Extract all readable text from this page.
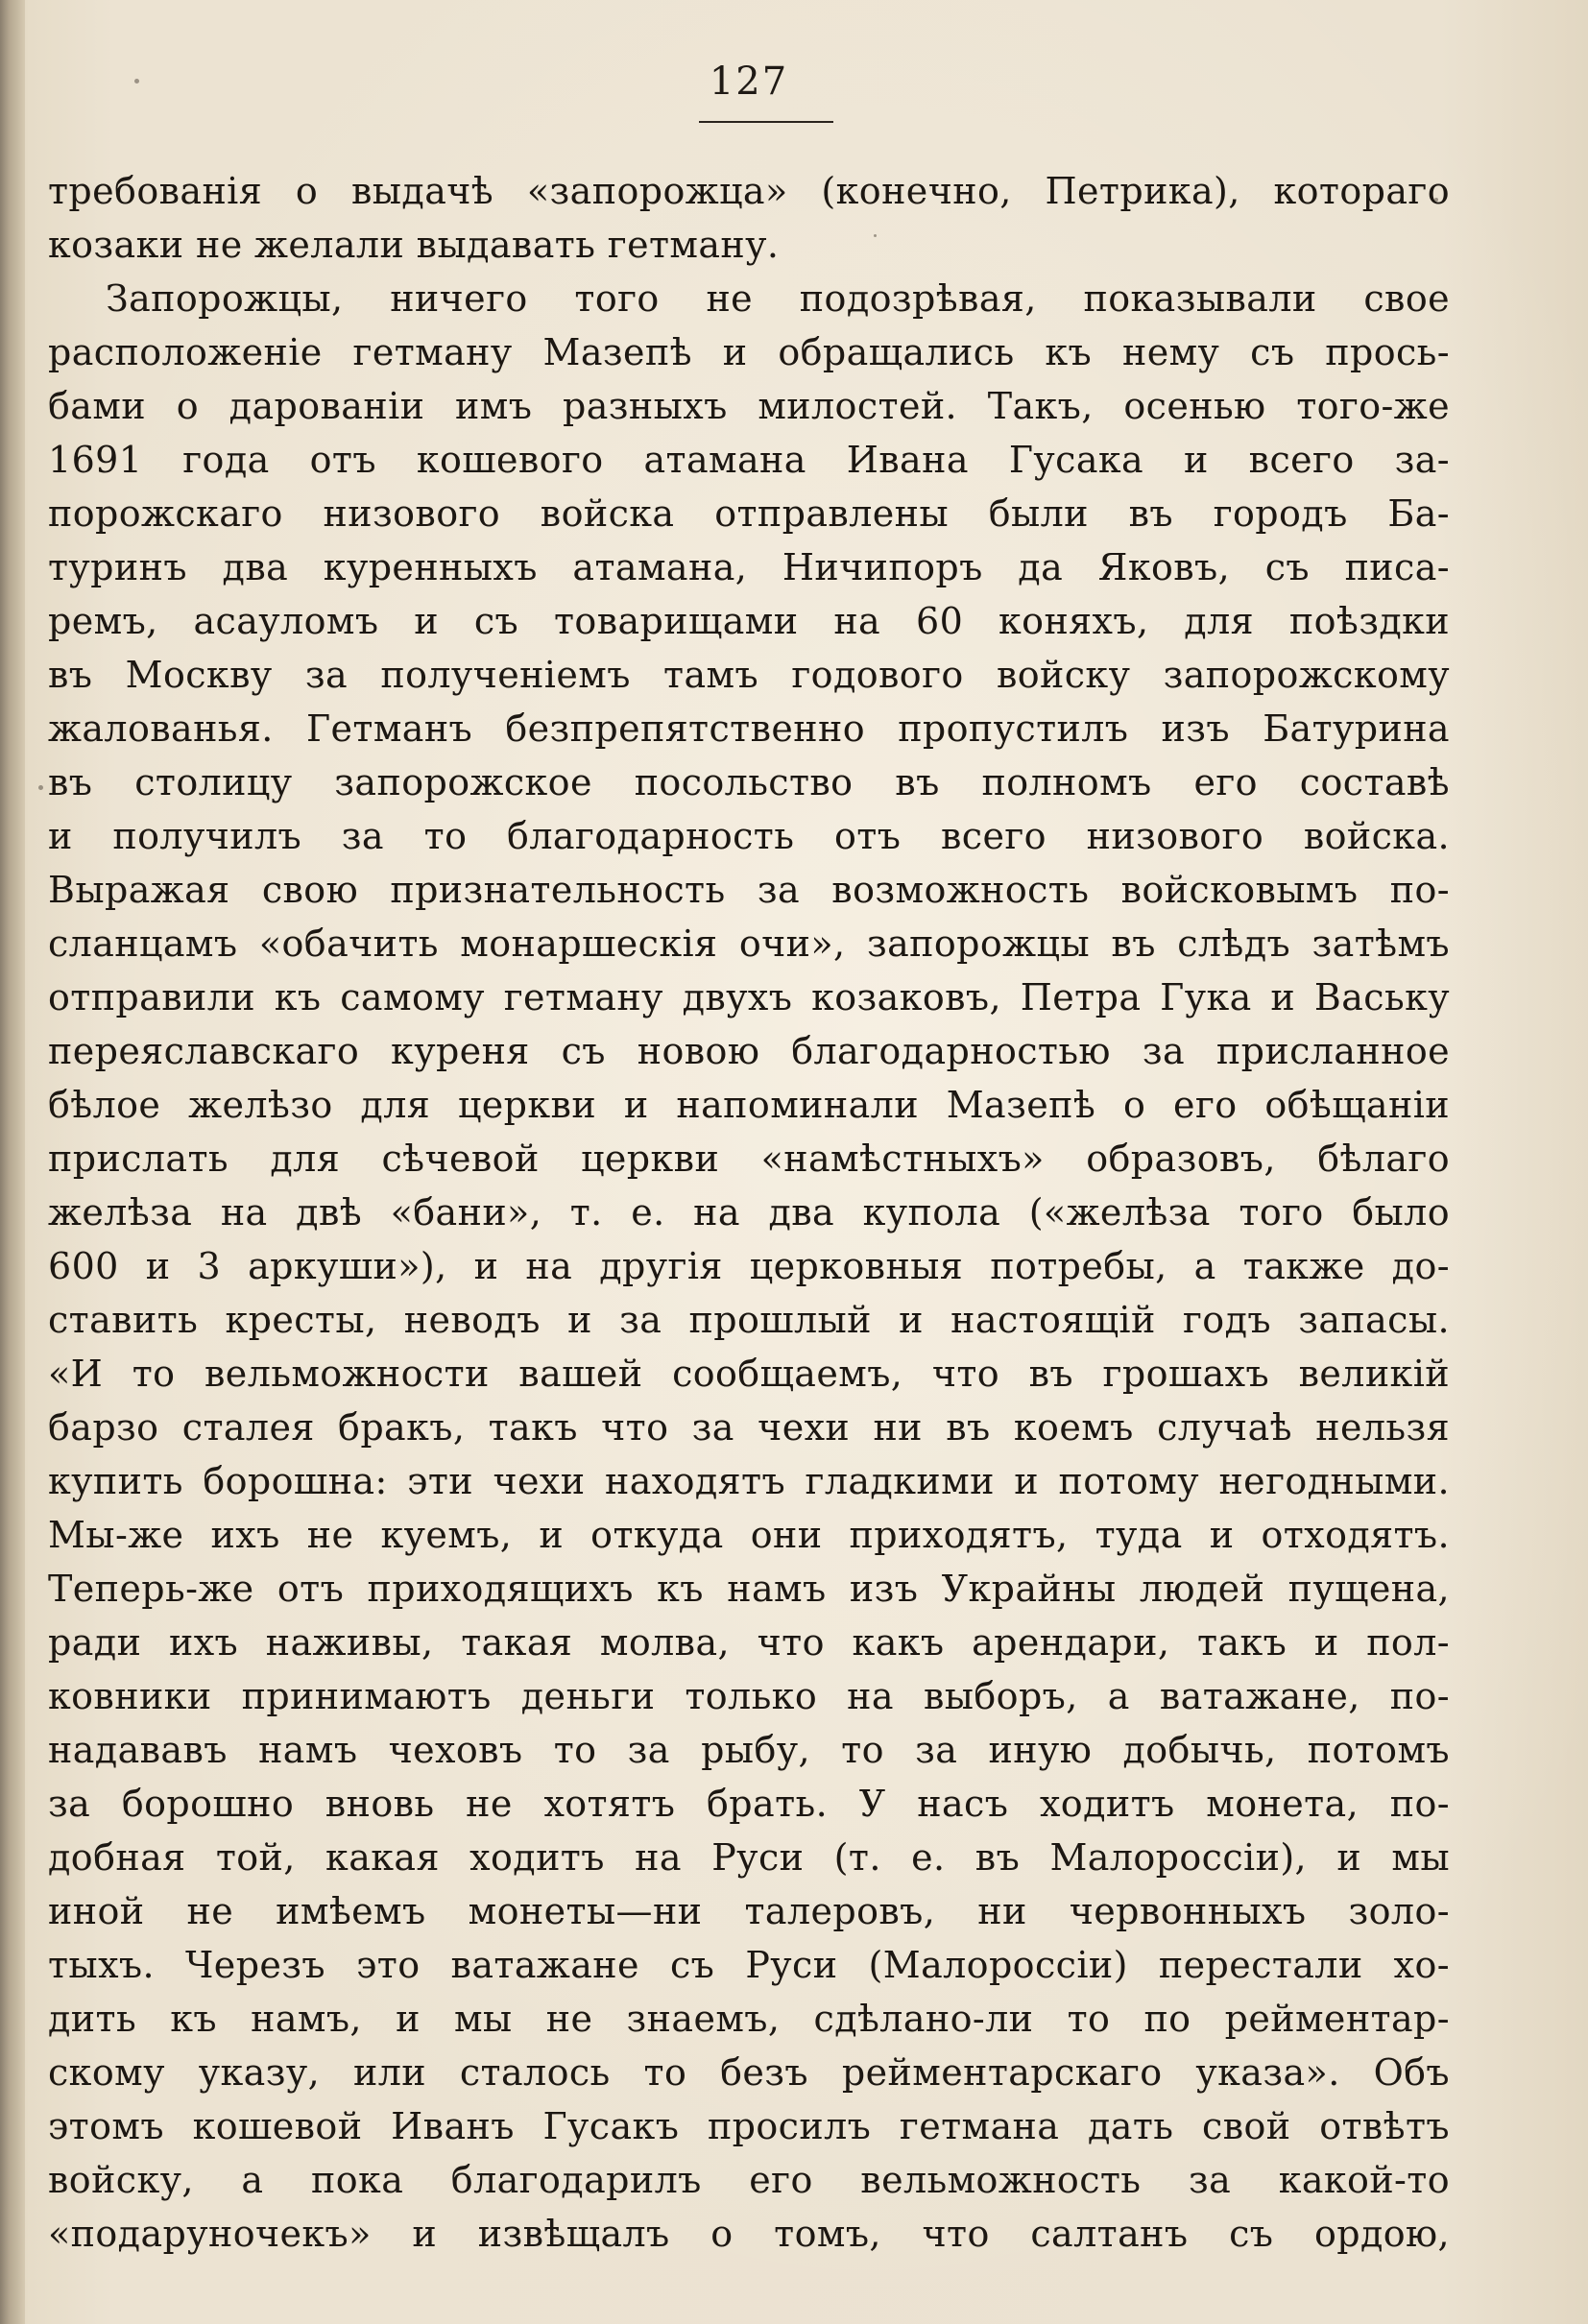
127
требованія о выдачѣ «запорожца» (конечно, Петрика), котораго
козаки не желали выдавать гетману.
Запорожцы, ничего того не подозрѣвая, показывали свое
расположеніе гетману Мазепѣ и обращались къ нему съ прось-
бами о дарованіи имъ разныхъ милостей. Такъ, осенью того-же
1691 года отъ кошевого атамана Ивана Гусака и всего за-
порожскаго низового войска отправлены были въ городъ Ба-
туринъ два куренныхъ атамана, Ничипоръ да Яковъ, съ писа-
ремъ, асауломъ и съ товарищами на 60 коняхъ, для поѣздки
въ Москву за полученіемъ тамъ годового войску запорожскому
жалованья. Гетманъ безпрепятственно пропустилъ изъ Батурина
въ столицу запорожское посольство въ полномъ его составѣ
и получилъ за то благодарность отъ всего низового войска.
Выражая свою признательность за возможность войсковымъ по-
сланцамъ «обачить монаршескія очи», запорожцы въ слѣдъ затѣмъ
отправили къ самому гетману двухъ козаковъ, Петра Гука и Ваську
переяславскаго куреня съ новою благодарностью за присланное
бѣлое желѣзо для церкви и напоминали Мазепѣ о его обѣщаніи
прислать для сѣчевой церкви «намѣстныхъ» образовъ, бѣлаго
желѣза на двѣ «бани», т. е. на два купола («желѣза того было
600 и 3 аркуши»), и на другія церковныя потребы, а также до-
ставить кресты, неводъ и за прошлый и настоящій годъ запасы.
«И то вельможности вашей сообщаемъ, что въ грошахъ великій
барзо сталея бракъ, такъ что за чехи ни въ коемъ случаѣ нельзя
купить борошна: эти чехи находятъ гладкими и потому негодными.
Мы-же ихъ не куемъ, и откуда они приходятъ, туда и отходятъ.
Теперь-же отъ приходящихъ къ намъ изъ Украйны людей пущена,
ради ихъ наживы, такая молва, что какъ арендари, такъ и пол-
ковники принимаютъ деньги только на выборъ, а ватажане, по-
надававъ намъ чеховъ то за рыбу, то за иную добычь, потомъ
за борошно вновь не хотятъ брать. У насъ ходитъ монета, по-
добная той, какая ходитъ на Руси (т. е. въ Малороссіи), и мы
иной не имѣемъ монеты—ни талеровъ, ни червонныхъ золо-
тыхъ. Черезъ это ватажане съ Руси (Малороссіи) перестали хо-
дить къ намъ, и мы не знаемъ, сдѣлано-ли то по рейментар-
скому указу, или сталось то безъ рейментарскаго указа». Объ
этомъ кошевой Иванъ Гусакъ просилъ гетмана дать свой отвѣтъ
войску, а пока благодарилъ его вельможность за какой-то
«подаруночекъ» и извѣщалъ о томъ, что салтанъ съ ордою,
